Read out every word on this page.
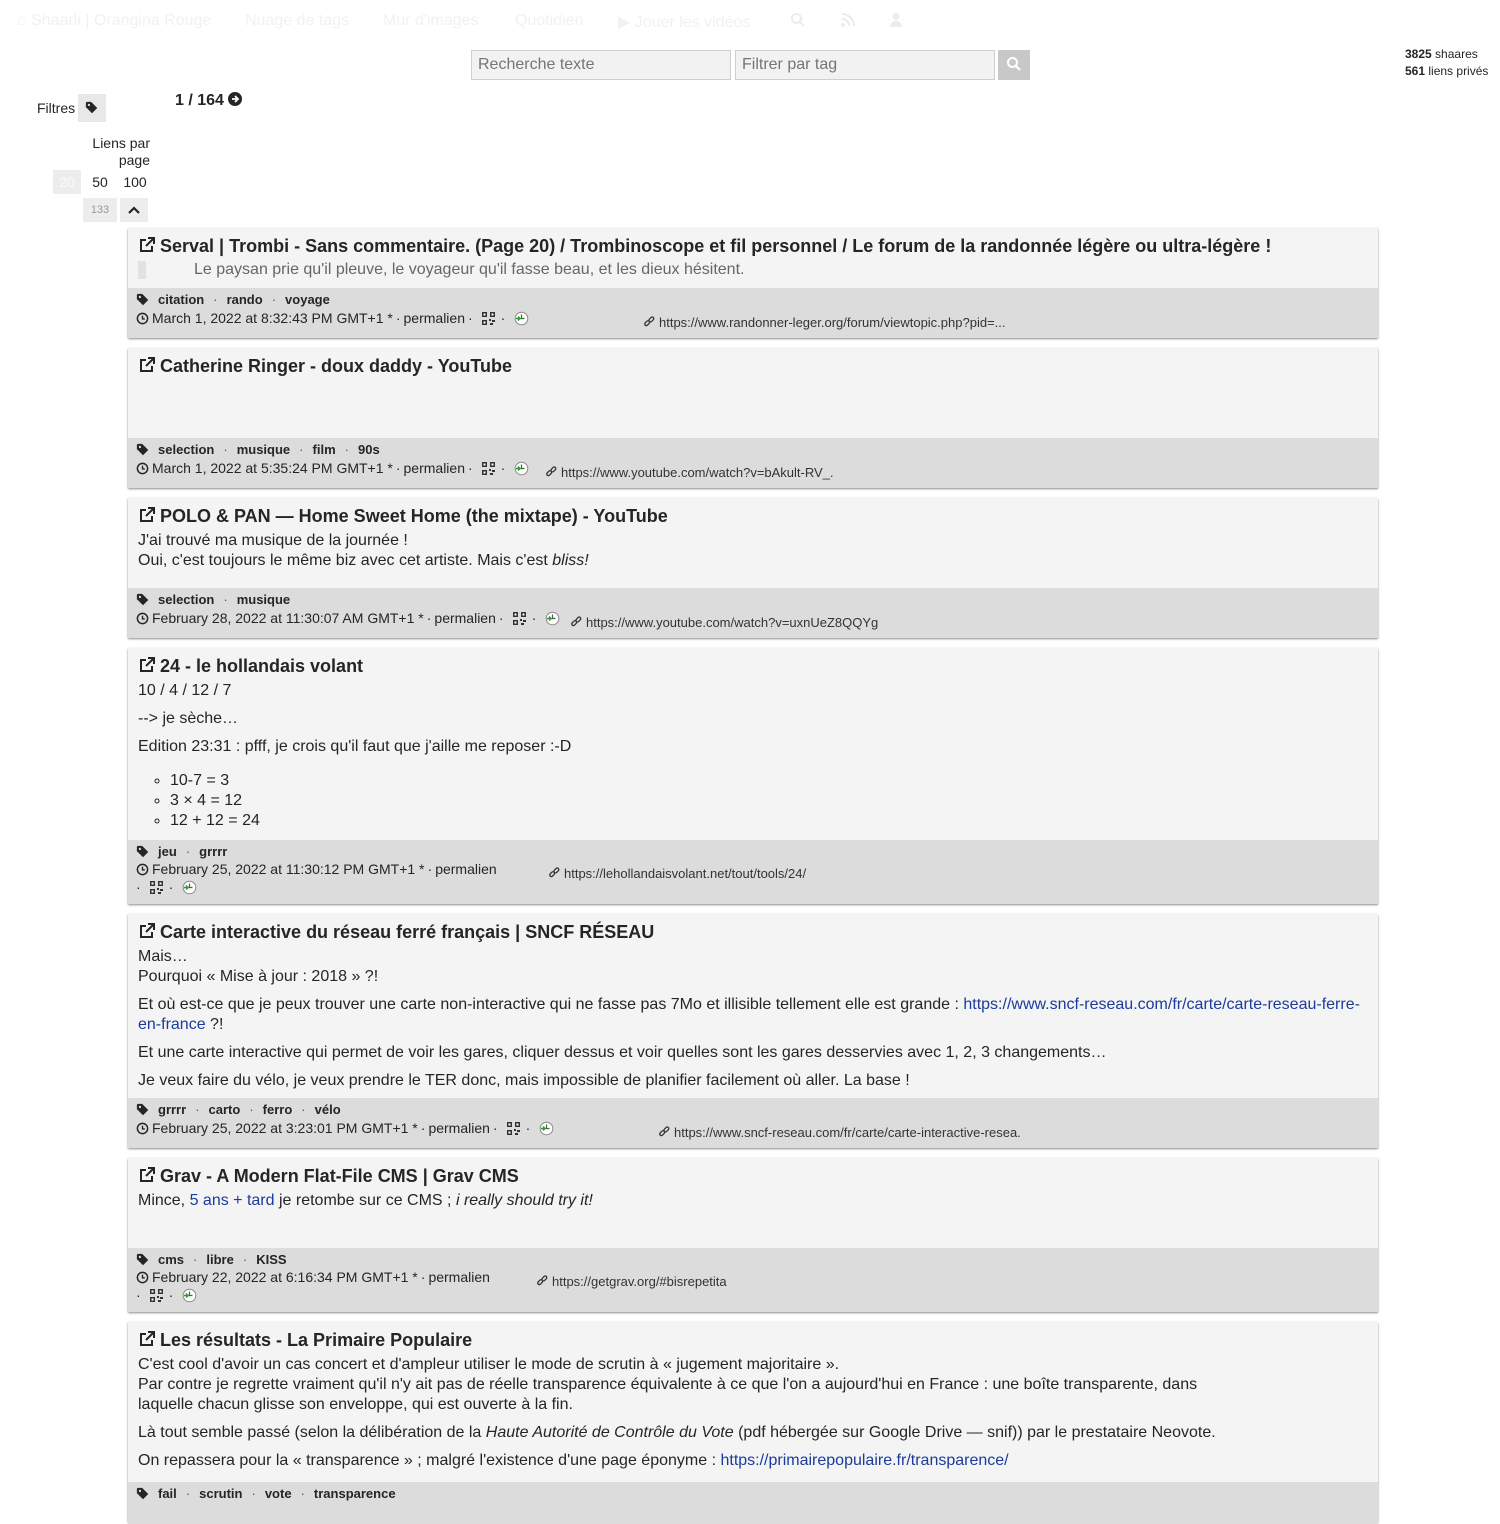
⌂ Shaarli | Orangina Rouge Nuage de tags Mur d'images Quotidien ▶ Jouer les vidéos
Recherche texte
Filtrer par tag
3825 shaares
561 liens privés
Filtres	1 / 164
Liens par page
20	50	100
133
Serval | Trombi - Sans commentaire. (Page 20) / Trombinoscope et fil personnel / Le forum de la randonnée légère ou ultra-légère !
Le paysan prie qu'il pleuve, le voyageur qu'il fasse beau, et les dieux hésitent.
citation · rando · voyage
March 1, 2022 at 8:32:43 PM GMT+1 * · permalien · ·	https://www.randonner-leger.org/forum/viewtopic.php?pid=...
Catherine Ringer - doux daddy - YouTube
selection · musique · film · 90s
March 1, 2022 at 5:35:24 PM GMT+1 * · permalien · ·	https://www.youtube.com/watch?v=bAkult-RV_.
POLO & PAN — Home Sweet Home (the mixtape) - YouTube
J'ai trouvé ma musique de la journée !
Oui, c'est toujours le même biz avec cet artiste. Mais c'est bliss!
selection · musique
February 28, 2022 at 11:30:07 AM GMT+1 * · permalien · ·	https://www.youtube.com/watch?v=uxnUeZ8QQYg
24 - le hollandais volant

10 / 4 / 12 / 7

--> je sèche…

Edition 23:31 : pfff, je crois qu'il faut que j'aille me reposer :-D

◦ 10-7 = 3
◦ 3 × 4 = 12
◦ 12 + 12 = 24
jeu · grrrr
February 25, 2022 at 11:30:12 PM GMT+1 * · permalien
· ·
https://lehollandaisvolant.net/tout/tools/24/
Carte interactive du réseau ferré français | SNCF RÉSEAU

Mais…
Pourquoi « Mise à jour : 2018 » ?!

Et où est-ce que je peux trouver une carte non-interactive qui ne fasse pas 7Mo et illisible tellement elle est grande : https://www.sncf-reseau.com/fr/carte/carte-reseau-ferre-en-france ?!

Et une carte interactive qui permet de voir les gares, cliquer dessus et voir quelles sont les gares desservies avec 1, 2, 3 changements…

Je veux faire du vélo, je veux prendre le TER donc, mais impossible de planifier facilement où aller. La base !

grrrr · carto · ferro · vélo
February 25, 2022 at 3:23:01 PM GMT+1 * · permalien · ·	https://www.sncf-reseau.com/fr/carte/carte-interactive-resea.
Grav - A Modern Flat-File CMS | Grav CMS
Mince, 5 ans + tard je retombe sur ce CMS ; i really should try it!
cms · libre · KISS
February 22, 2022 at 6:16:34 PM GMT+1 * · permalien
· ·
https://getgrav.org/#bisrepetita
Les résultats - La Primaire Populaire

C'est cool d'avoir un cas concert et d'ampleur utiliser le mode de scrutin à « jugement majoritaire ».
Par contre je regrette vraiment qu'il n'y ait pas de réelle transparence équivalente à ce que l'on a aujourd'hui en France : une boîte transparente, dans laquelle chacun glisse son enveloppe, qui est ouverte à la fin.

Là tout semble passé (selon la délibération de la Haute Autorité de Contrôle du Vote (pdf hébergée sur Google Drive — snif)) par le prestataire Neovote.

On repassera pour la « transparence » ; malgré l'existence d'une page éponyme : https://primairepopulaire.fr/transparence/

fail · scrutin · vote · transparence
